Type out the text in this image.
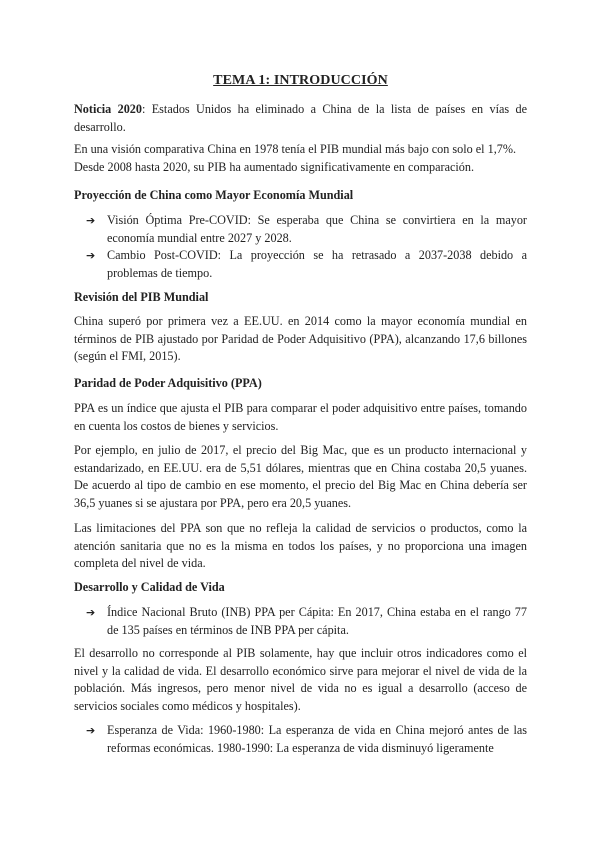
TEMA 1: INTRODUCCIÓN

Noticia 2020: Estados Unidos ha eliminado a China de la lista de países en vías de desarrollo.

En una visión comparativa China en 1978 tenía el PIB mundial más bajo con solo el 1,7%. Desde 2008 hasta 2020, su PIB ha aumentado significativamente en comparación.

Proyección de China como Mayor Economía Mundial
➔ Visión Óptima Pre-COVID: Se esperaba que China se convirtiera en la mayor economía mundial entre 2027 y 2028.
➔ Cambio Post-COVID: La proyección se ha retrasado a 2037-2038 debido a problemas de tiempo.
Revisión del PIB Mundial

China superó por primera vez a EE.UU. en 2014 como la mayor economía mundial en términos de PIB ajustado por Paridad de Poder Adquisitivo (PPA), alcanzando 17,6 billones (según el FMI, 2015).

Paridad de Poder Adquisitivo (PPA)

PPA es un índice que ajusta el PIB para comparar el poder adquisitivo entre países, tomando en cuenta los costos de bienes y servicios.

Por ejemplo, en julio de 2017, el precio del Big Mac, que es un producto internacional y estandarizado, en EE.UU. era de 5,51 dólares, mientras que en China costaba 20,5 yuanes. De acuerdo al tipo de cambio en ese momento, el precio del Big Mac en China debería ser 36,5 yuanes si se ajustara por PPA, pero era 20,5 yuanes.

Las limitaciones del PPA son que no refleja la calidad de servicios o productos, como la atención sanitaria que no es la misma en todos los países, y no proporciona una imagen completa del nivel de vida.

Desarrollo y Calidad de Vida
➔ Índice Nacional Bruto (INB) PPA per Cápita: En 2017, China estaba en el rango 77 de 135 países en términos de INB PPA per cápita.

El desarrollo no corresponde al PIB solamente, hay que incluir otros indicadores como el nivel y la calidad de vida. El desarrollo económico sirve para mejorar el nivel de vida de la población. Más ingresos, pero menor nivel de vida no es igual a desarrollo (acceso de servicios sociales como médicos y hospitales).

➔ Esperanza de Vida: 1960-1980: La esperanza de vida en China mejoró antes de las reformas económicas. 1980-1990: La esperanza de vida disminuyó ligeramente
